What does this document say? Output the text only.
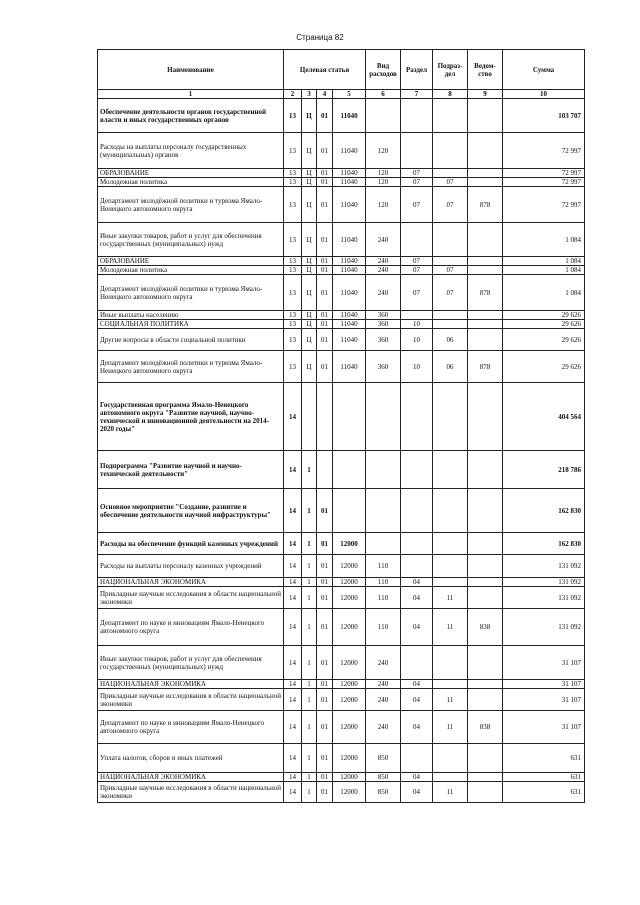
Страница 82
Наименование	Целевая статья				Вид расходов	Раздел	Подраз-дел	Ведом-ство	Сумма
1	2	3	4	5	6	7	8	9	10
Обеспечение деятельности органов государственной власти и иных государственных органов	13	Ц	01	11040					103 707
Расходы на выплаты персоналу государственных (муниципальных) органов	13	Ц	01	11040	120				72 997
ОБРАЗОВАНИЕ	13	Ц	01	11040	120	07			72 997
Молодежная политика	13	Ц	01	11040	120	07	07		72 997
Департамент молодёжной политики и туризма Ямало-Ненецкого автономного округа	13	Ц	01	11040	120	07	07	878	72 997
Иные закупки товаров, работ и услуг для обеспечения государственных (муниципальных) нужд	13	Ц	01	11040	240				1 084
ОБРАЗОВАНИЕ	13	Ц	01	11040	240	07			1 084
Молодежная политика	13	Ц	01	11040	240	07	07		1 084
Департамент молодёжной политики и туризма Ямало-Ненецкого автономного округа	13	Ц	01	11040	240	07	07	878	1 084
Иные выплаты населению	13	Ц	01	11040	360				29 626
СОЦИАЛЬНАЯ ПОЛИТИКА	13	Ц	01	11040	360	10			29 626
Другие вопросы в области социальной политики	13	Ц	01	11040	360	10	06		29 626
Департамент молодёжной политики и туризма Ямало-Ненецкого автономного округа	13	Ц	01	11040	360	10	06	878	29 626
Государственная программа Ямало-Ненецкого автономного округа "Развитие научной, научно-технической и инновационной деятельности на 2014-2020 годы"	14								404 564
Подпрограмма "Развитие научной и научно-технической деятельности"	14	1							218 786
Основное мероприятие "Создание, развитие и обеспечение деятельности научной инфраструктуры"	14	1	01						162 830
Расходы на обеспечение функций казенных учреждений	14	1	01	12000					162 830
Расходы на выплаты персоналу казенных учреждений	14	1	01	12000	110				131 092
НАЦИОНАЛЬНАЯ ЭКОНОМИКА	14	1	01	12000	110	04			131 092
Прикладные научные исследования в области национальной экономики	14	1	01	12000	110	04	11		131 092
Департамент по науке и инновациям Ямало-Ненецкого автономного округа	14	1	01	12000	110	04	11	838	131 092
Иные закупки товаров, работ и услуг для обеспечения государственных (муниципальных) нужд	14	1	01	12000	240				31 107
НАЦИОНАЛЬНАЯ ЭКОНОМИКА	14	1	01	12000	240	04			31 107
Прикладные научные исследования в области национальной экономики	14	1	01	12000	240	04	11		31 107
Департамент по науке и инновациям Ямало-Ненецкого автономного округа	14	1	01	12000	240	04	11	838	31 107
Уплата налогов, сборов и иных платежей	14	1	01	12000	850				631
НАЦИОНАЛЬНАЯ ЭКОНОМИКА	14	1	01	12000	850	04			631
Прикладные научные исследования в области национальной экономики	14	1	01	12000	850	04	11		631
